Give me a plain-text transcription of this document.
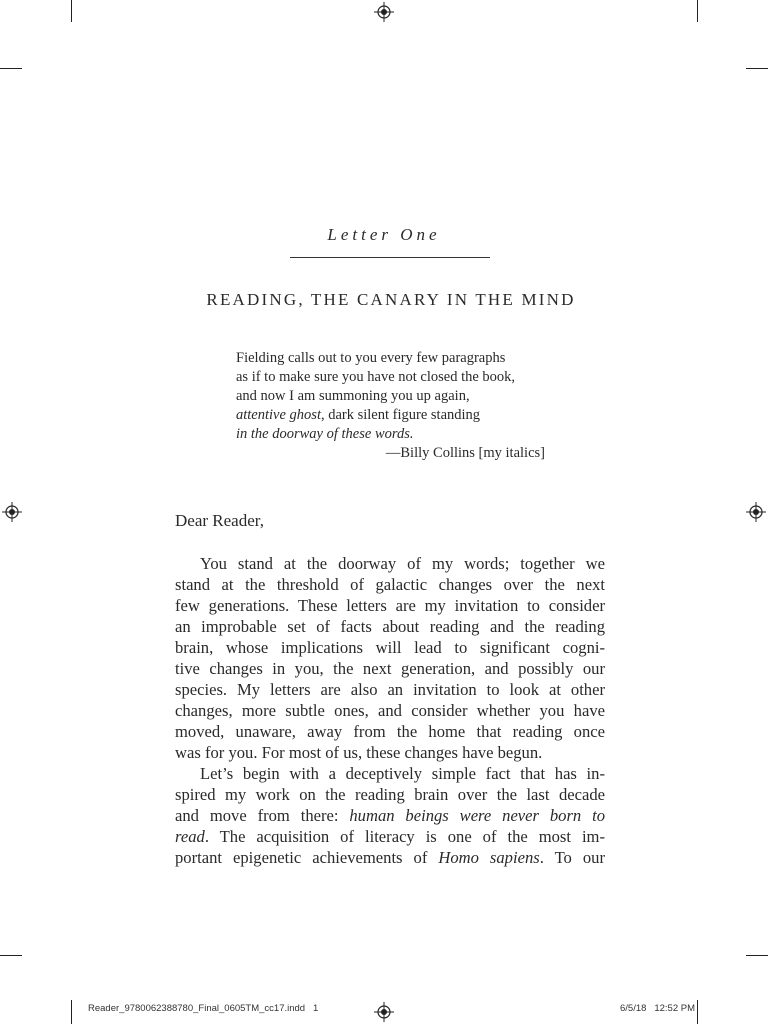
Letter One
READING, THE CANARY IN THE MIND
Fielding calls out to you every few paragraphs
as if to make sure you have not closed the book,
and now I am summoning you up again,
attentive ghost, dark silent figure standing
in the doorway of these words.
—Billy Collins [my italics]
Dear Reader,
You stand at the doorway of my words; together we
stand at the threshold of galactic changes over the next
few generations. These letters are my invitation to consider
an improbable set of facts about reading and the reading
brain, whose implications will lead to significant cogni-
tive changes in you, the next generation, and possibly our
species. My letters are also an invitation to look at other
changes, more subtle ones, and consider whether you have
moved, unaware, away from the home that reading once
was for you. For most of us, these changes have begun.
Let’s begin with a deceptively simple fact that has in-
spired my work on the reading brain over the last decade
and move from there: human beings were never born to
read. The acquisition of literacy is one of the most im-
portant epigenetic achievements of Homo sapiens. To our
Reader_9780062388780_Final_0605TM_cc17.indd   1	6/5/18   12:52 PM
